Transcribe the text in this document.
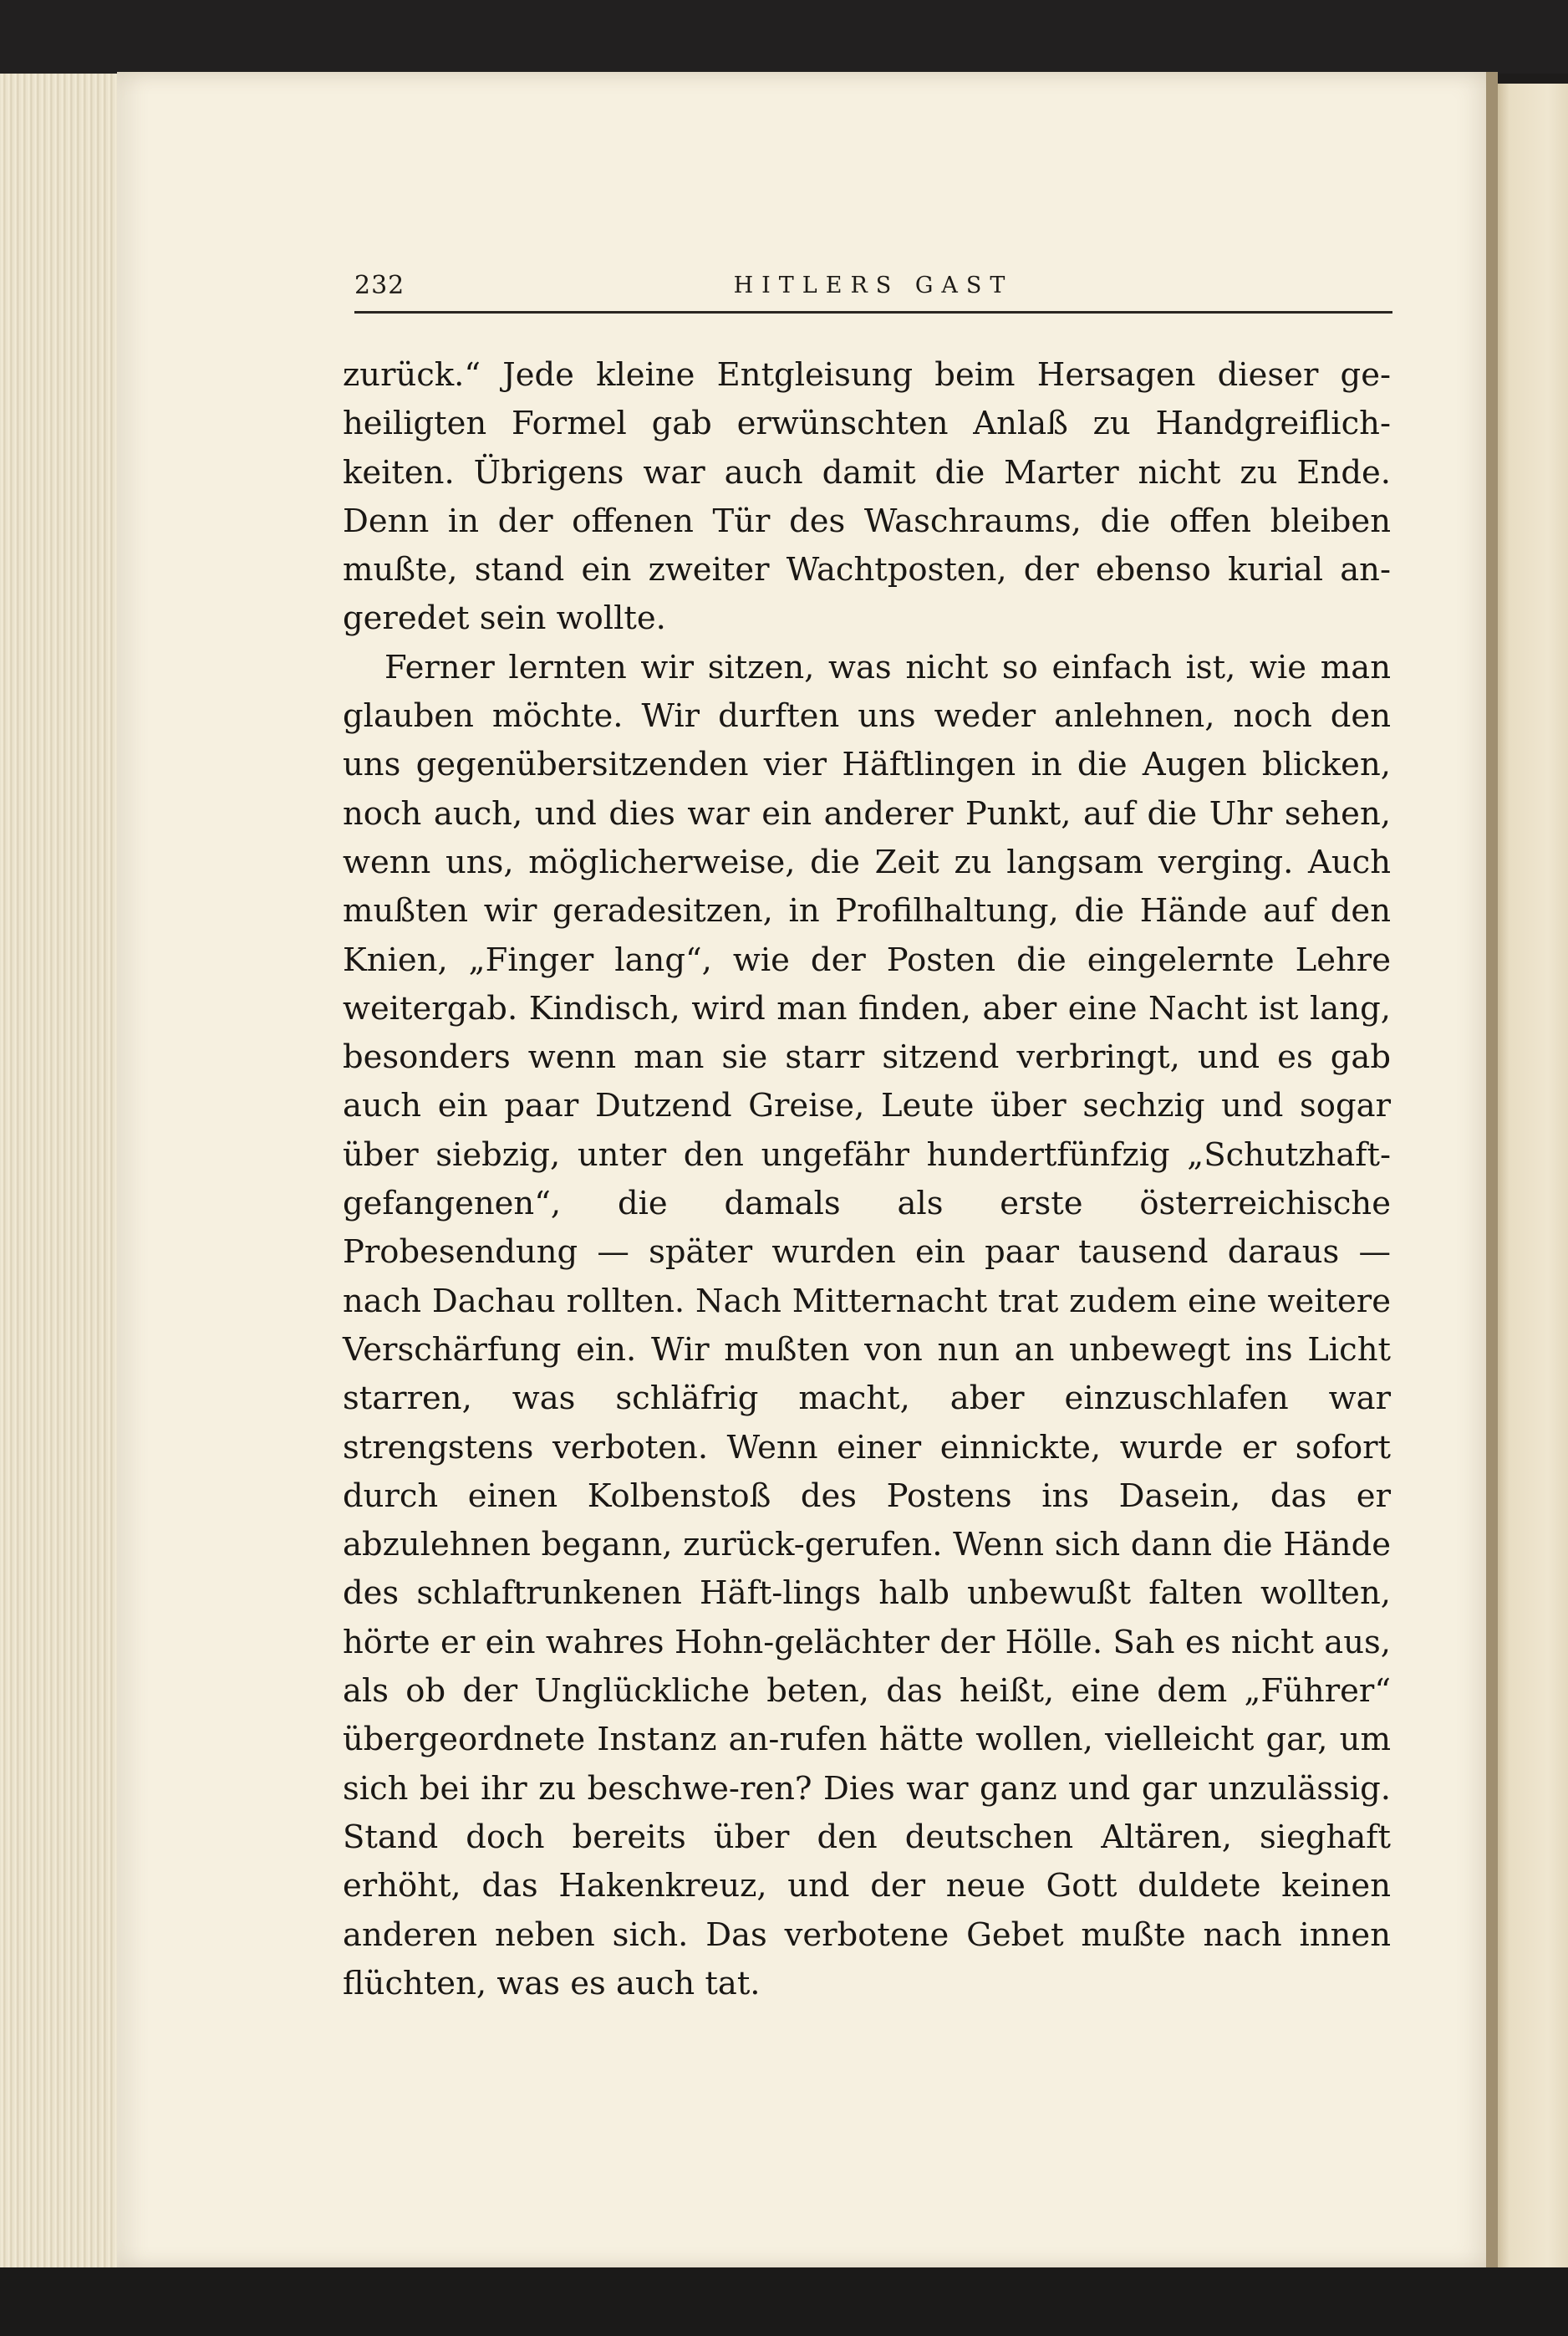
232	HITLERS GAST

zurück.“ Jede kleine Entgleisung beim Hersagen dieser ge-heiligten Formel gab erwünschten Anlaß zu Handgreiflich-keiten. Übrigens war auch damit die Marter nicht zu Ende. Denn in der offenen Tür des Waschraums, die offen bleiben mußte, stand ein zweiter Wachtposten, der ebenso kurial an-geredet sein wollte.

Ferner lernten wir sitzen, was nicht so einfach ist, wie man glauben möchte. Wir durften uns weder anlehnen, noch den uns gegenübersitzenden vier Häftlingen in die Augen blicken, noch auch, und dies war ein anderer Punkt, auf die Uhr sehen, wenn uns, möglicherweise, die Zeit zu langsam verging. Auch mußten wir geradesitzen, in Profilhaltung, die Hände auf den Knien, „Finger lang“, wie der Posten die eingelernte Lehre weitergab. Kindisch, wird man finden, aber eine Nacht ist lang, besonders wenn man sie starr sitzend verbringt, und es gab auch ein paar Dutzend Greise, Leute über sechzig und sogar über siebzig, unter den ungefähr hundertfünfzig „Schutzhaft-gefangenen“, die damals als erste österreichische Probesendung — später wurden ein paar tausend daraus — nach Dachau rollten. Nach Mitternacht trat zudem eine weitere Verschärfung ein. Wir mußten von nun an unbewegt ins Licht starren, was schläfrig macht, aber einzuschlafen war strengstens verboten. Wenn einer einnickte, wurde er sofort durch einen Kolbenstoß des Postens ins Dasein, das er abzulehnen begann, zurück-gerufen. Wenn sich dann die Hände des schlaftrunkenen Häft-lings halb unbewußt falten wollten, hörte er ein wahres Hohn-gelächter der Hölle. Sah es nicht aus, als ob der Unglückliche beten, das heißt, eine dem „Führer“ übergeordnete Instanz an-rufen hätte wollen, vielleicht gar, um sich bei ihr zu beschwe-ren? Dies war ganz und gar unzulässig. Stand doch bereits über den deutschen Altären, sieghaft erhöht, das Hakenkreuz, und der neue Gott duldete keinen anderen neben sich. Das verbotene Gebet mußte nach innen flüchten, was es auch tat.
